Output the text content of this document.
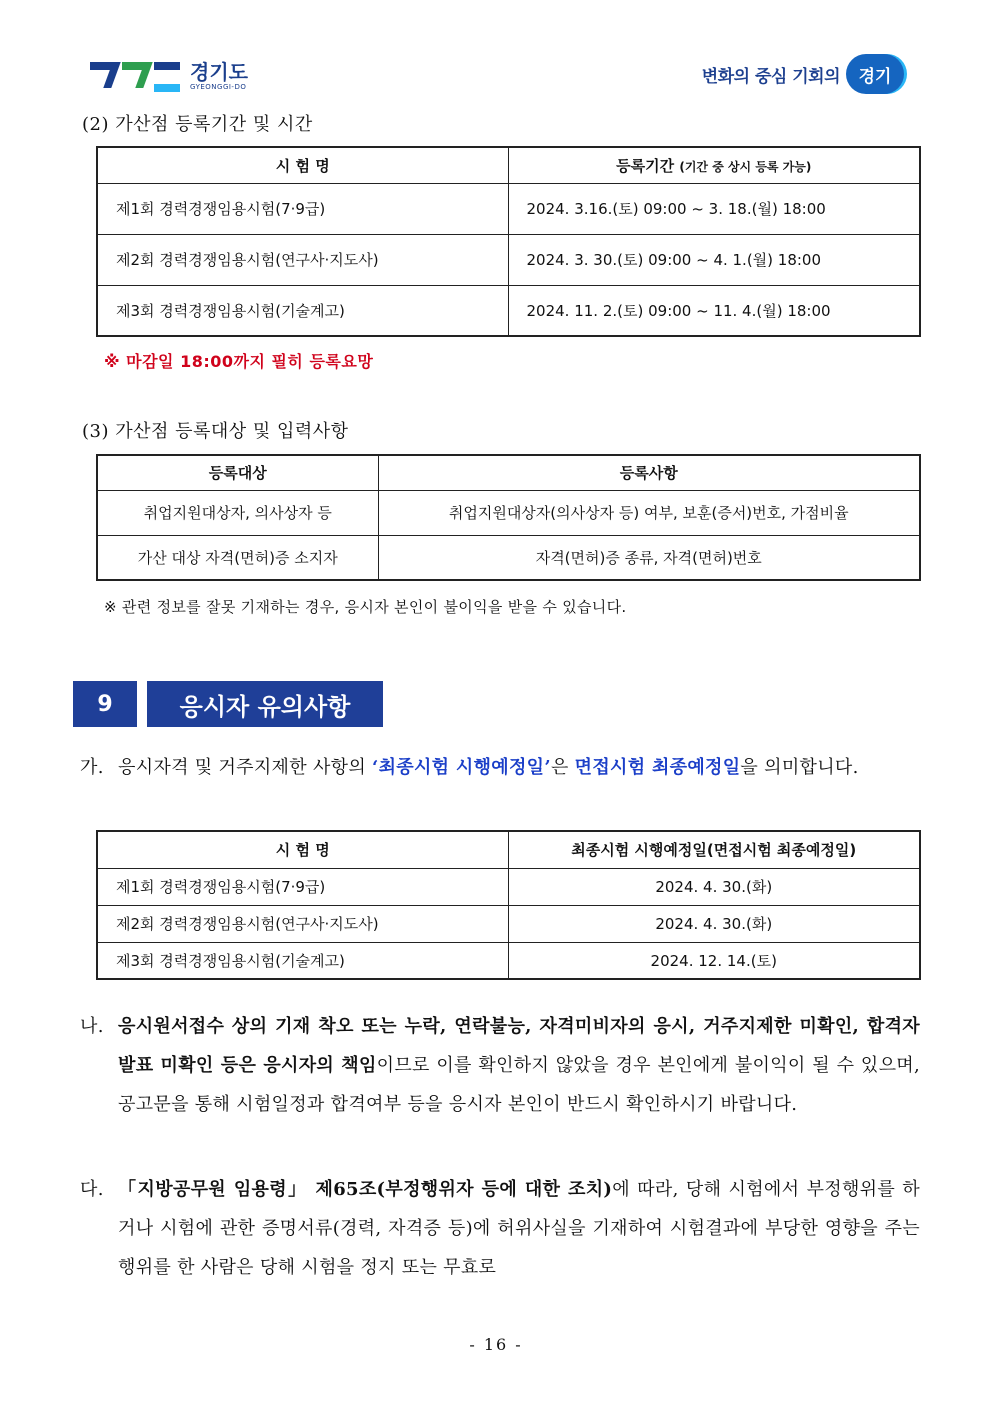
경기도
GYEONGGI-DO	변화의 중심 기회의	경기
(2) 가산점 등록기간 및 시간
시 험 명	등록기간 (기간 중 상시 등록 가능)
제1회 경력경쟁임용시험(7·9급)	2024. 3.16.(토) 09:00 ~ 3. 18.(월) 18:00
제2회 경력경쟁임용시험(연구사·지도사)	2024. 3. 30.(토) 09:00 ~ 4. 1.(월) 18:00
제3회 경력경쟁임용시험(기술계고)	2024. 11. 2.(토) 09:00 ~ 11. 4.(월) 18:00
※ 마감일 18:00까지 필히 등록요망
(3) 가산점 등록대상 및 입력사항
등록대상	등록사항
취업지원대상자, 의사상자 등	취업지원대상자(의사상자 등) 여부, 보훈(증서)번호, 가점비율
가산 대상 자격(면허)증 소지자	자격(면허)증 종류, 자격(면허)번호
※ 관련 정보를 잘못 기재하는 경우, 응시자 본인이 불이익을 받을 수 있습니다.
9	응시자 유의사항
가. 응시자격 및 거주지제한 사항의 ‘최종시험 시행예정일’은 면접시험 최종예정일을 의미합니다.
시 험 명	최종시험 시행예정일(면접시험 최종예정일)
제1회 경력경쟁임용시험(7·9급)	2024. 4. 30.(화)
제2회 경력경쟁임용시험(연구사·지도사)	2024. 4. 30.(화)
제3회 경력경쟁임용시험(기술계고)	2024. 12. 14.(토)
나. 응시원서접수 상의 기재 착오 또는 누락, 연락불능, 자격미비자의 응시, 거주지제한 미확인, 합격자발표 미확인 등은 응시자의 책임이므로 이를 확인하지 않았을 경우 본인에게 불이익이 될 수 있으며, 공고문을 통해 시험일정과 합격여부 등을 응시자 본인이 반드시 확인하시기 바랍니다.
다. 「지방공무원 임용령」 제65조(부정행위자 등에 대한 조치)에 따라, 당해 시험에서 부정행위를 하거나 시험에 관한 증명서류(경력, 자격증 등)에 허위사실을 기재하여 시험결과에 부당한 영향을 주는 행위를 한 사람은 당해 시험을 정지 또는 무효로
- 16 -
